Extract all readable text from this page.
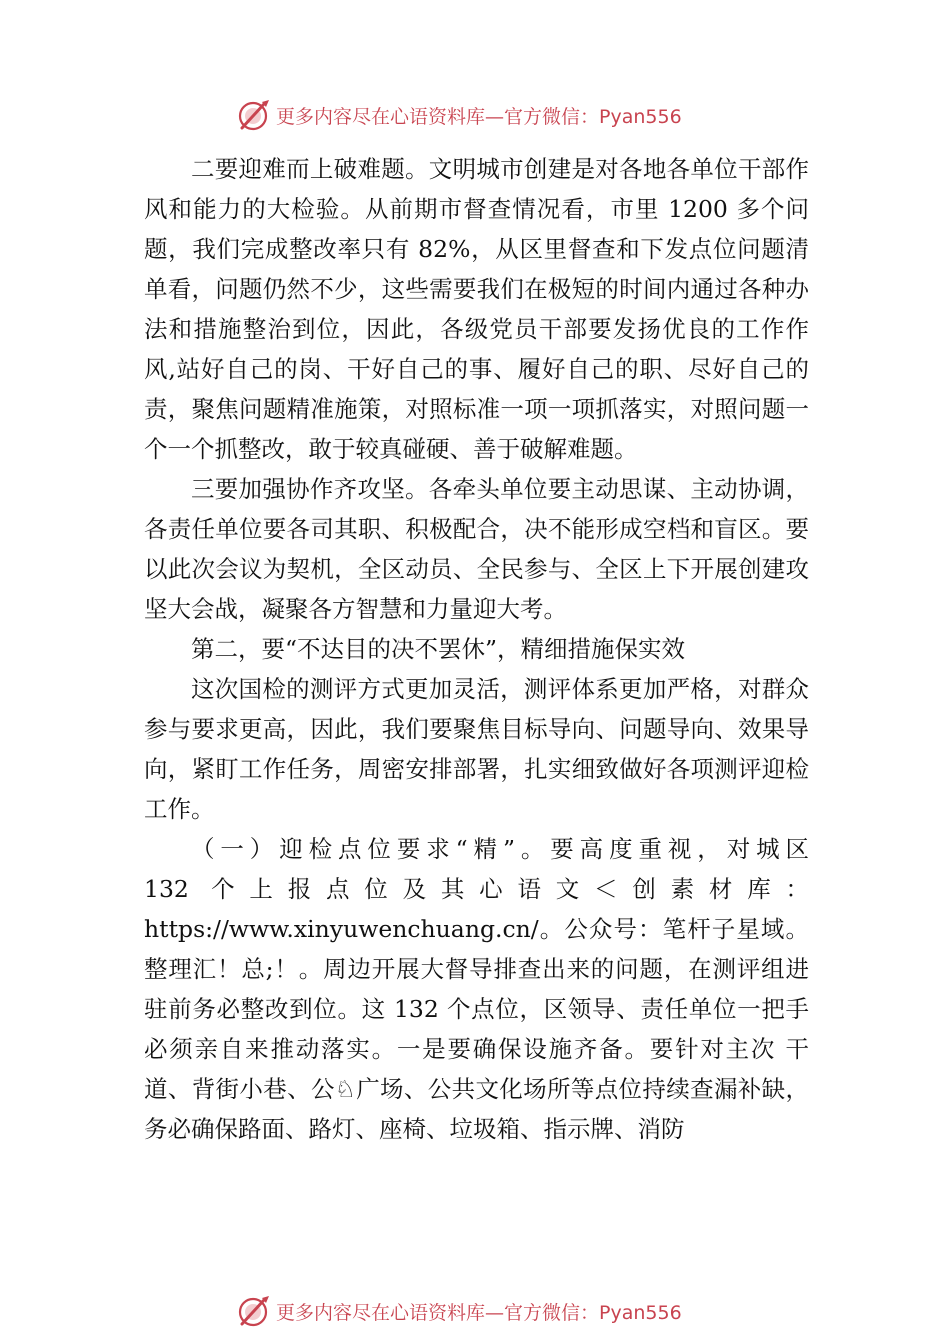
更多内容尽在心语资料库— 官方微信：Pyan556

二要迎难而上破难题。文明城市创建是对各地各单位干部作风和能力的大检验。从前期市督查情况看，市里 1200 多个问题，我们完成整改率只有 82%，从区里督查和下发点位问题清单看，问题仍然不少，这些需要我们在极短的时间内通过各种办法和措施整治到位，因此，各级党员干部要发扬优良的工作作风,站好自己的岗、干好自己的事、履好自己的职、尽好自己的责，聚焦问题精准施策，对照标准一项一项抓落实，对照问题一个一个抓整改，敢于较真碰硬、善于破解难题。

三要加强协作齐攻坚。各牵头单位要主动思谋、主动协调，各责任单位要各司其职、积极配合，决不能形成空档和盲区。要以此次会议为契机，全区动员、全民参与、全区上下开展创建攻坚大会战，凝聚各方智慧和力量迎大考。

第二，要“不达目的决不罢休”，精细措施保实效

这次国检的测评方式更加灵活，测评体系更加严格，对群众参与要求更高，因此，我们要聚焦目标导向、问题导向、效果导向，紧盯工作任务，周密安排部署，扎实细致做好各项测评迎检工作。

（一）迎检点位要求“精”。要高度重视，对城区

132 个上报点位及其心语文＜创素材库：

https://www.xinyuwenchuang.cn/。公众号：笔杆子星域。

整理汇！总;！。周边开展大督导排查出来的问题，在测评组进驻前务必整改到位。这 132 个点位，区领导、责任单位一把手必须亲自来推动落实。一是要确保设施齐备。要针对主次 干道、背街小巷、公♘广场、公共文化场所等点位持续查漏补缺，务必确保路面、路灯、座椅、垃圾箱、指示牌、消防

更多内容尽在心语资料库— 官方微信：Pyan556
